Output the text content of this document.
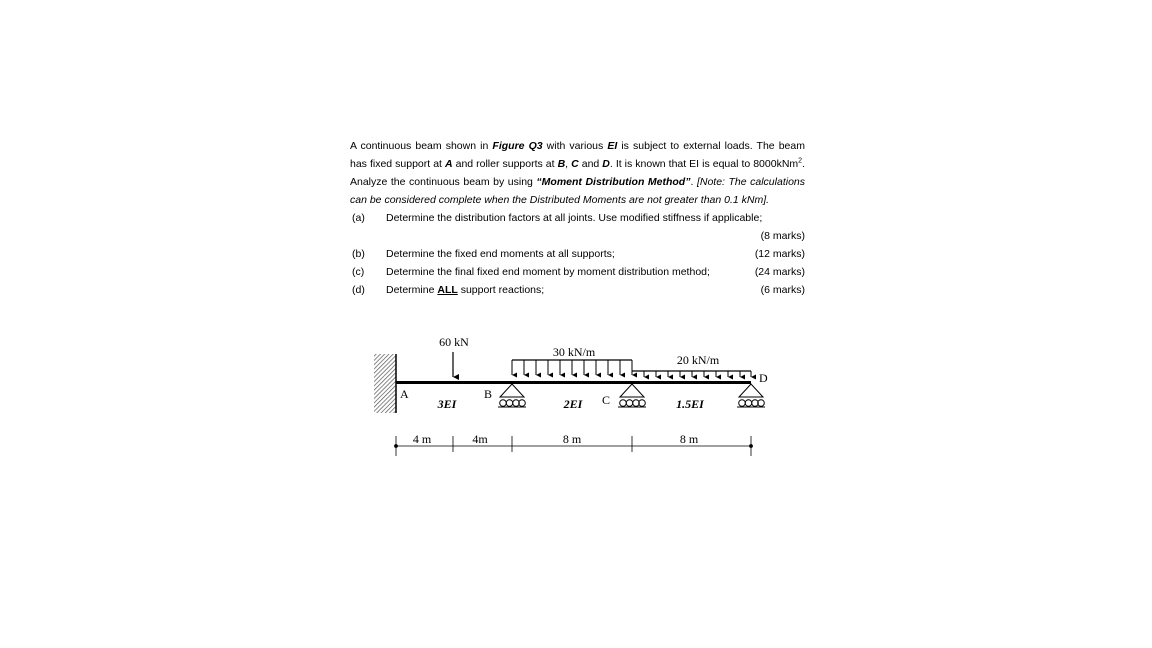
A continuous beam shown in Figure Q3 with various EI is subject to external loads. The beam has fixed support at A and roller supports at B, C and D. It is known that EI is equal to 8000kNm$^2$. Analyze the continuous beam by using “Moment Distribution Method”. [Note: The calculations can be considered complete when the Distributed Moments are not greater than 0.1 kNm].

(a) Determine the distribution factors at all joints. Use modified stiffness if applicable;
(8 marks)
(b) Determine the fixed end moments at all supports;	(12 marks)
(c) Determine the final fixed end moment by moment distribution method;	(24 marks)
(d) Determine ALL support reactions;	(6 marks)
60 kN
30 kN/m
20 kN/m
A	B	C
D
3EI	2EI	1.5EI
4 m	4m	8 m	8 m
